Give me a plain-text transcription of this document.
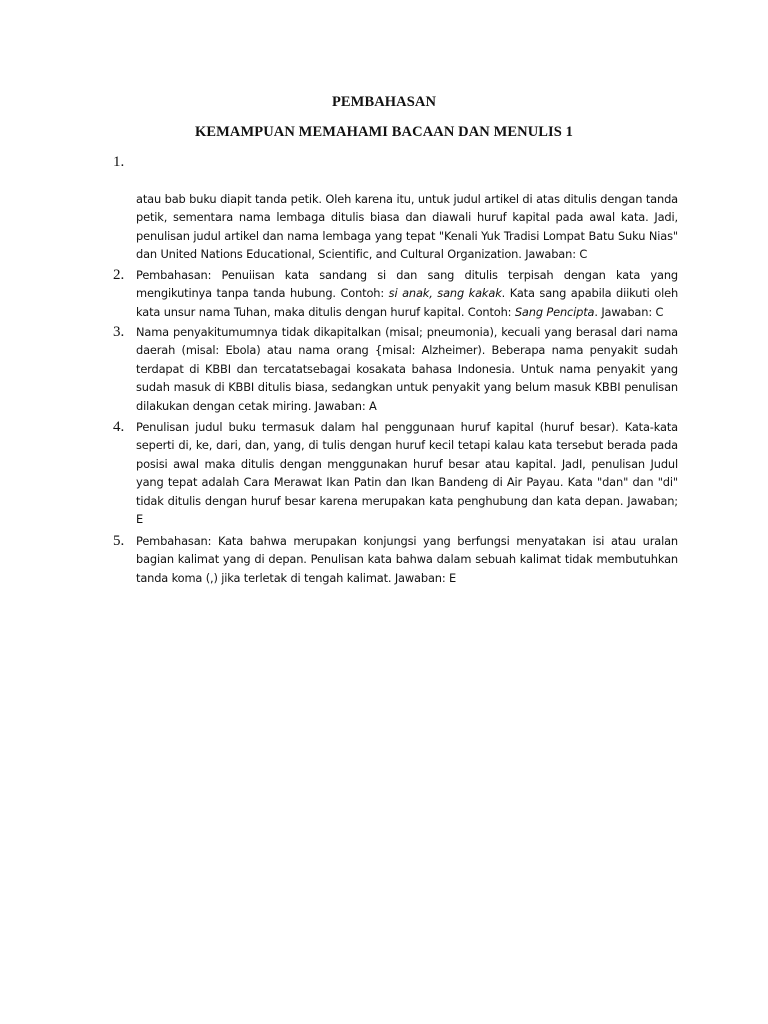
PEMBAHASAN
KEMAMPUAN MEMAHAMI BACAAN DAN MENULIS 1
1.
atau bab buku diapit tanda petik. Oleh karena itu, untuk judul artikel di atas ditulis dengan tanda
petik, sementara nama lembaga ditulis biasa dan diawali huruf kapital pada awal kata. Jadi,
penulisan judul artikel dan nama lembaga yang tepat "Kenali Yuk Tradisi Lompat Batu Suku Nias"
dan United Nations Educational, Scientific, and Cultural Organization. Jawaban: C
2. Pembahasan: Penuiisan kata sandang si dan sang ditulis terpisah dengan kata yang
mengikutinya tanpa tanda hubung. Contoh: si anak, sang kakak. Kata sang apabila diikuti oleh
kata unsur nama Tuhan, maka ditulis dengan huruf kapital. Contoh: Sang Pencipta. Jawaban: C
3. Nama penyakitumumnya tidak dikapitalkan (misal; pneumonia), kecuali yang berasal dari nama
daerah (misal: Ebola) atau nama orang {misal: Alzheimer). Beberapa nama penyakit sudah
terdapat di KBBI dan tercatatsebagai kosakata bahasa Indonesia. Untuk nama penyakit yang
sudah masuk di KBBI ditulis biasa, sedangkan untuk penyakit yang belum masuk KBBI penulisan
dilakukan dengan cetak miring. Jawaban: A
4. Penulisan judul buku termasuk dalam hal penggunaan huruf kapital (huruf besar). Kata-kata
seperti di, ke, dari, dan, yang, di tulis dengan huruf kecil tetapi kalau kata tersebut berada pada
posisi awal maka ditulis dengan menggunakan huruf besar atau kapital. JadI, penulisan Judul
yang tepat adalah Cara Merawat Ikan Patin dan Ikan Bandeng di Air Payau. Kata "dan" dan "di"
tidak ditulis dengan huruf besar karena merupakan kata penghubung dan kata depan. Jawaban;
E
5. Pembahasan: Kata bahwa merupakan konjungsi yang berfungsi menyatakan isi atau uralan
bagian kalimat yang di depan. Penulisan kata bahwa dalam sebuah kalimat tidak membutuhkan
tanda koma (,) jika terletak di tengah kalimat. Jawaban: E
